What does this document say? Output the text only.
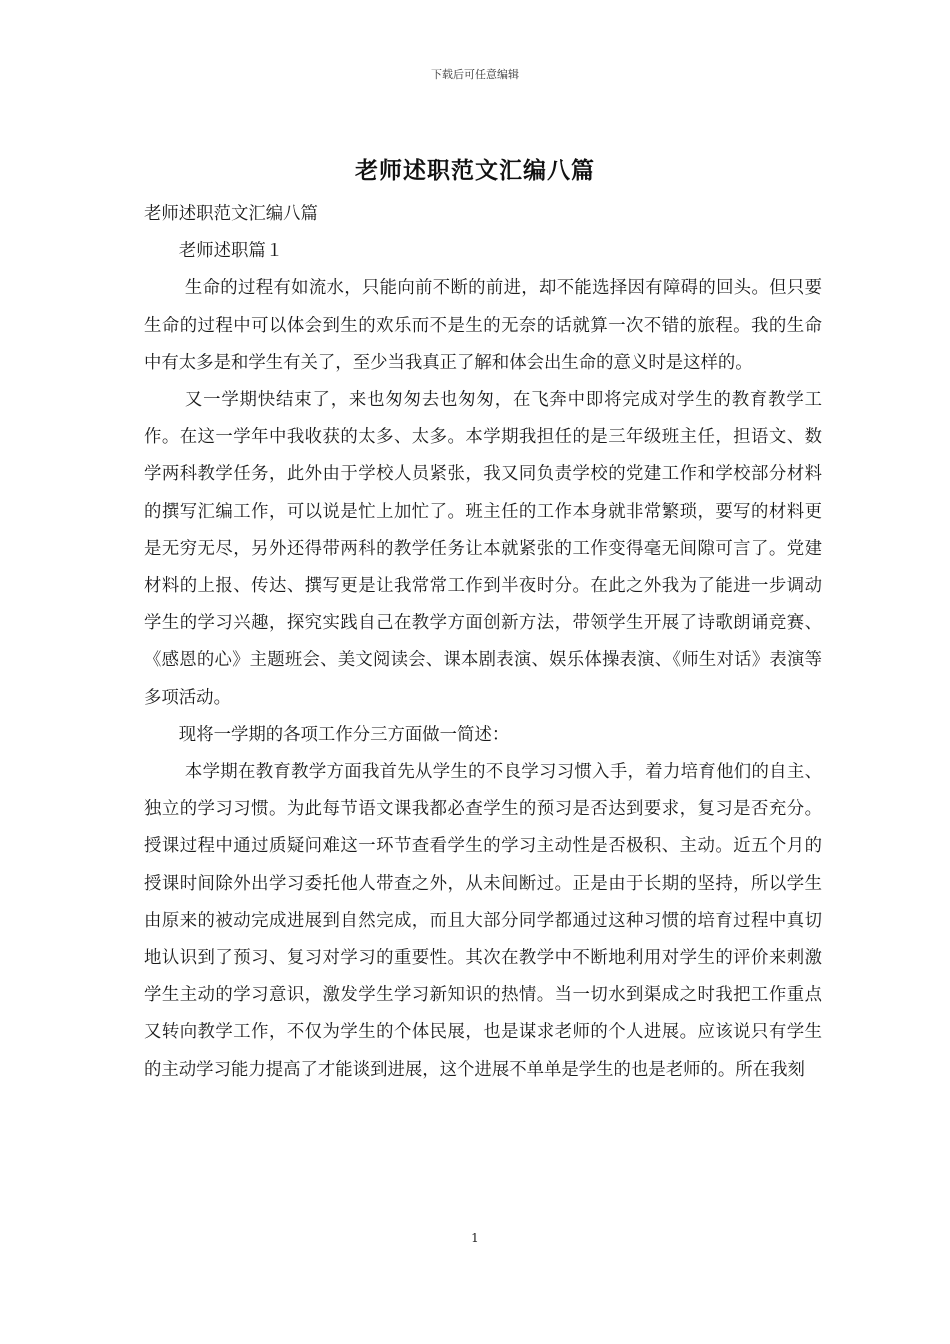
下载后可任意编辑
老师述职范文汇编八篇

老师述职范文汇编八篇

老师述职篇１

生命的过程有如流水，只能向前不断的前进，却不能选择因有障碍的回头。但只要生命的过程中可以体会到生的欢乐而不是生的无奈的话就算一次不错的旅程。我的生命中有太多是和学生有关了，至少当我真正了解和体会出生命的意义时是这样的。

又一学期快结束了，来也匆匆去也匆匆，在飞奔中即将完成对学生的教育教学工作。在这一学年中我收获的太多、太多。本学期我担任的是三年级班主任，担语文、数学两科教学任务，此外由于学校人员紧张，我又同负责学校的党建工作和学校部分材料的撰写汇编工作，可以说是忙上加忙了。班主任的工作本身就非常繁琐，要写的材料更是无穷无尽，另外还得带两科的教学任务让本就紧张的工作变得毫无间隙可言了。党建材料的上报、传达、撰写更是让我常常工作到半夜时分。在此之外我为了能进一步调动学生的学习兴趣，探究实践自己在教学方面创新方法，带领学生开展了诗歌朗诵竞赛、《感恩的心》主题班会、美文阅读会、课本剧表演、娱乐体操表演、《师生对话》表演等多项活动。

现将一学期的各项工作分三方面做一简述：

本学期在教育教学方面我首先从学生的不良学习习惯入手，着力培育他们的自主、独立的学习习惯。为此每节语文课我都必查学生的预习是否达到要求，复习是否充分。授课过程中通过质疑问难这一环节查看学生的学习主动性是否极积、主动。近五个月的授课时间除外出学习委托他人带查之外，从未间断过。正是由于长期的坚持，所以学生由原来的被动完成进展到自然完成，而且大部分同学都通过这种习惯的培育过程中真切地认识到了预习、复习对学习的重要性。其次在教学中不断地利用对学生的评价来刺激学生主动的学习意识，激发学生学习新知识的热情。当一切水到渠成之时我把工作重点又转向教学工作，不仅为学生的个体民展，也是谋求老师的个人进展。应该说只有学生的主动学习能力提高了才能谈到进展，这个进展不单单是学生的也是老师的。所在我刻

1
